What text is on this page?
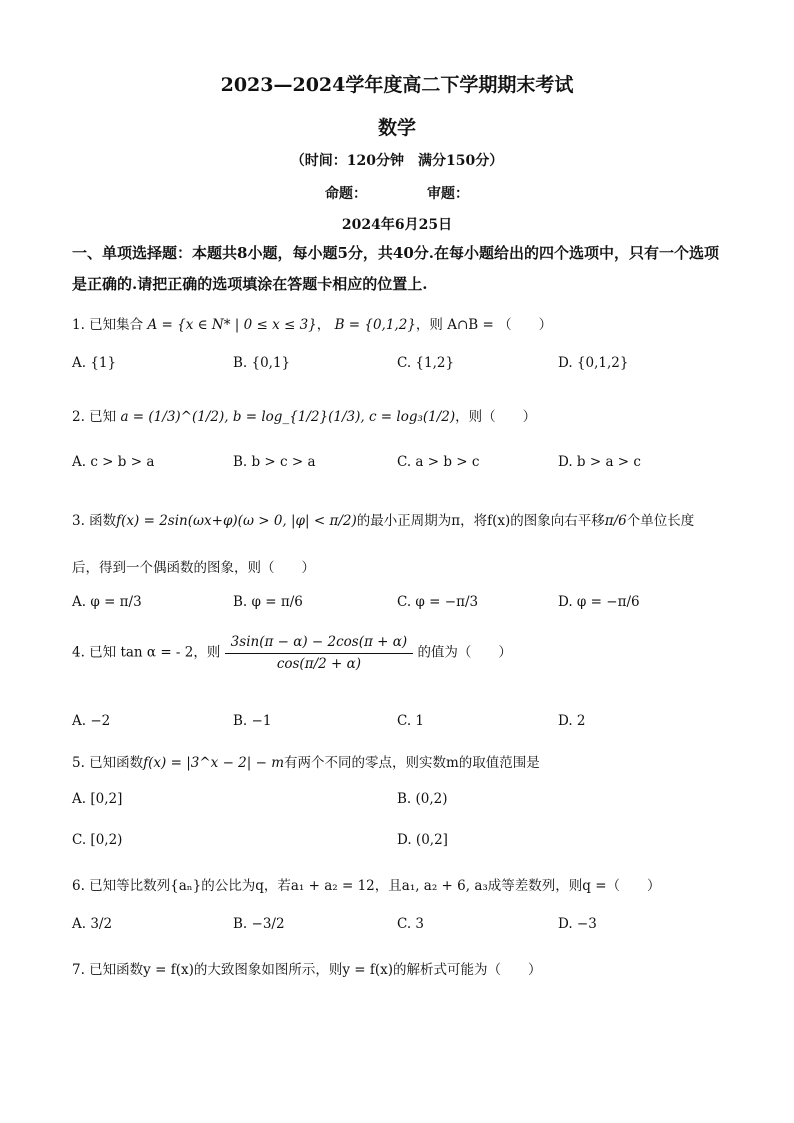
2023—2024学年度高二下学期期末考试
数学
（时间：120分钟　满分150分）
命题：	审题：
2024年6月25日
一、单项选择题：本题共8小题，每小题5分，共40分.在每小题给出的四个选项中，只有一个选项是正确的.请把正确的选项填涂在答题卡相应的位置上.
1. 已知集合 A = {x ∈ N* | 0 ≤ x ≤ 3}， B = {0,1,2}，则 A∩B = （　　）
A. {1}	B. {0,1}	C. {1,2}	D. {0,1,2}
2. 已知 a = (1/3)^(1/2), b = log_{1/2}(1/3), c = log₃(1/2)，则（　　）
A. c > b > a	B. b > c > a	C. a > b > c	D. b > a > c
3. 函数f(x) = 2sin(ωx+φ)(ω > 0, |φ| < π/2)的最小正周期为π，将f(x)的图象向右平移π/6个单位长度
后，得到一个偶函数的图象，则（　　）
A. φ = π/3	B. φ = π/6	C. φ = −π/3	D. φ = −π/6
4. 已知 tan α = - 2，则 $\frac{3\sin(\pi - \alpha) - 2\cos(\pi + \alpha)}{\cos(\pi/2 + \alpha)}$ 的值为（　　）
A. −2	B. −1	C. 1	D. 2
5. 已知函数f(x) = |3^x − 2| − m有两个不同的零点，则实数m的取值范围是
A. [0,2]	B. (0,2)
C. [0,2)	D. (0,2]
6. 已知等比数列{aₙ}的公比为q，若a₁ + a₂ = 12，且a₁, a₂ + 6, a₃成等差数列，则q =（　　）
A. 3/2	B. −3/2	C. 3	D. −3
7. 已知函数y = f(x)的大致图象如图所示，则y = f(x)的解析式可能为（　　）
